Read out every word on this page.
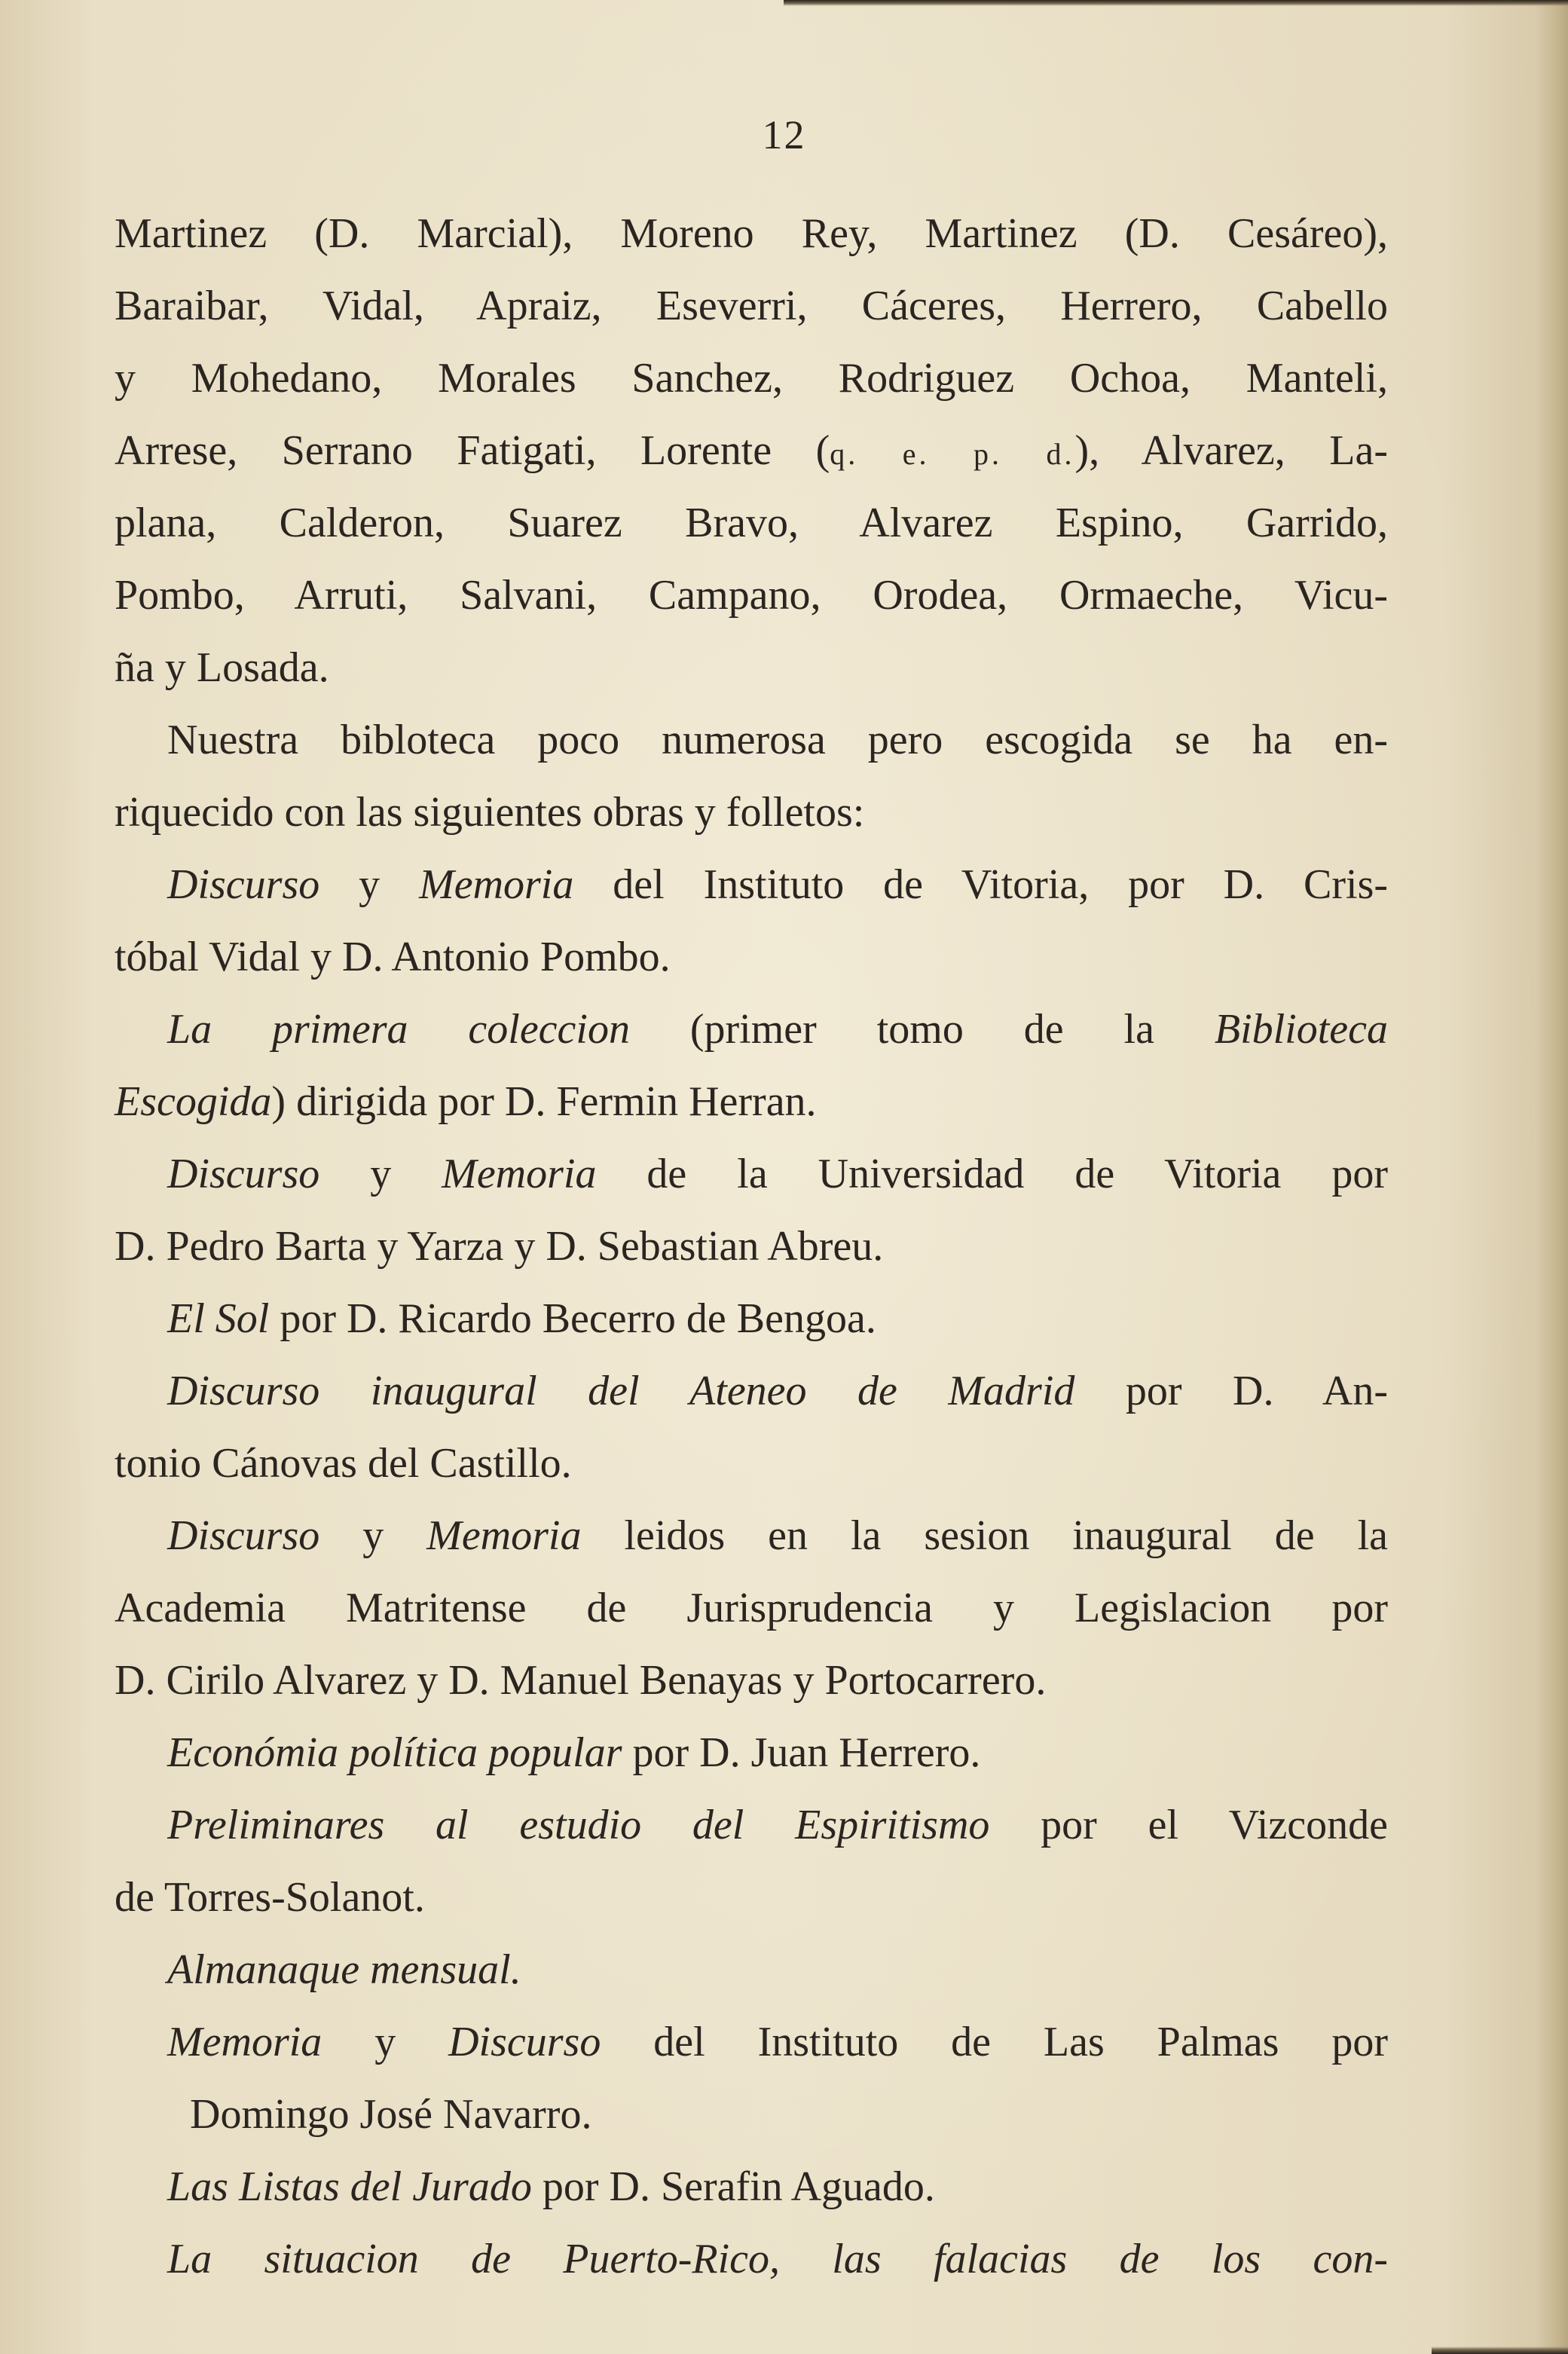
12
Martinez (D. Marcial), Moreno Rey, Martinez (D. Cesáreo),
Baraibar, Vidal, Apraiz, Eseverri, Cáceres, Herrero, Cabello
y Mohedano, Morales Sanchez, Rodriguez Ochoa, Manteli,
Arrese, Serrano Fatigati, Lorente (q. e. p. d.), Alvarez, La-
plana, Calderon, Suarez Bravo, Alvarez Espino, Garrido,
Pombo, Arruti, Salvani, Campano, Orodea, Ormaeche, Vicu-
ña y Losada.
Nuestra bibloteca poco numerosa pero escogida se ha en-
riquecido con las siguientes obras y folletos:
Discurso y Memoria del Instituto de Vitoria, por D. Cris-
tóbal Vidal y D. Antonio Pombo.
La primera coleccion (primer tomo de la Biblioteca
Escogida) dirigida por D. Fermin Herran.
Discurso y Memoria de la Universidad de Vitoria por
D. Pedro Barta y Yarza y D. Sebastian Abreu.
El Sol por D. Ricardo Becerro de Bengoa.
Discurso inaugural del Ateneo de Madrid por D. An-
tonio Cánovas del Castillo.
Discurso y Memoria leidos en la sesion inaugural de la
Academia Matritense de Jurisprudencia y Legislacion por
D. Cirilo Alvarez y D. Manuel Benayas y Portocarrero.
Económia política popular por D. Juan Herrero.
Preliminares al estudio del Espiritismo por el Vizconde
de Torres-Solanot.
Almanaque mensual.
Memoria y Discurso del Instituto de Las Palmas por
Domingo José Navarro.
Las Listas del Jurado por D. Serafin Aguado.
La situacion de Puerto-Rico, las falacias de los con-
